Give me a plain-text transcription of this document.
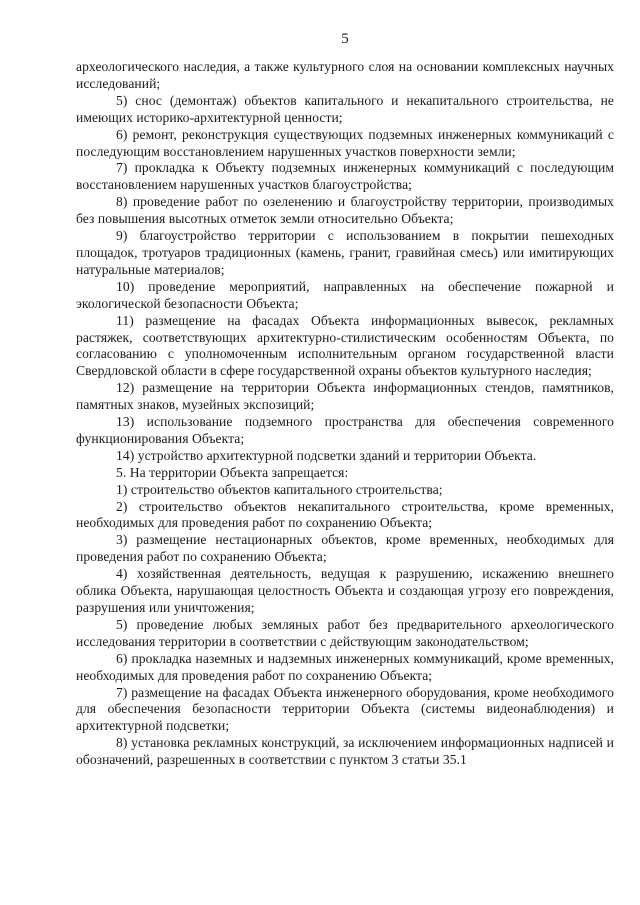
5

археологического наследия, а также культурного слоя на основании комплексных научных исследований;

5) снос (демонтаж) объектов капитального и некапитального строительства, не имеющих историко-архитектурной ценности;

6) ремонт, реконструкция существующих подземных инженерных коммуникаций с последующим восстановлением нарушенных участков поверхности земли;

7) прокладка к Объекту подземных инженерных коммуникаций с последующим восстановлением нарушенных участков благоустройства;

8) проведение работ по озеленению и благоустройству территории, производимых без повышения высотных отметок земли относительно Объекта;

9) благоустройство территории с использованием в покрытии пешеходных площадок, тротуаров традиционных (камень, гранит, гравийная смесь) или имитирующих натуральные материалов;

10) проведение мероприятий, направленных на обеспечение пожарной и экологической безопасности Объекта;

11) размещение на фасадах Объекта информационных вывесок, рекламных растяжек, соответствующих архитектурно-стилистическим особенностям Объекта, по согласованию с уполномоченным исполнительным органом государственной власти Свердловской области в сфере государственной охраны объектов культурного наследия;

12) размещение на территории Объекта информационных стендов, памятников, памятных знаков, музейных экспозиций;

13) использование подземного пространства для обеспечения современного функционирования Объекта;

14) устройство архитектурной подсветки зданий и территории Объекта.

5. На территории Объекта запрещается:

1) строительство объектов капитального строительства;

2) строительство объектов некапитального строительства, кроме временных, необходимых для проведения работ по сохранению Объекта;

3) размещение нестационарных объектов, кроме временных, необходимых для проведения работ по сохранению Объекта;

4) хозяйственная деятельность, ведущая к разрушению, искажению внешнего облика Объекта, нарушающая целостность Объекта и создающая угрозу его повреждения, разрушения или уничтожения;

5) проведение любых земляных работ без предварительного археологического исследования территории в соответствии с действующим законодательством;

6) прокладка наземных и надземных инженерных коммуникаций, кроме временных, необходимых для проведения работ по сохранению Объекта;

7) размещение на фасадах Объекта инженерного оборудования, кроме необходимого для обеспечения безопасности территории Объекта (системы видеонаблюдения) и архитектурной подсветки;

8) установка рекламных конструкций, за исключением информационных надписей и обозначений, разрешенных в соответствии с пунктом 3 статьи 35.1
